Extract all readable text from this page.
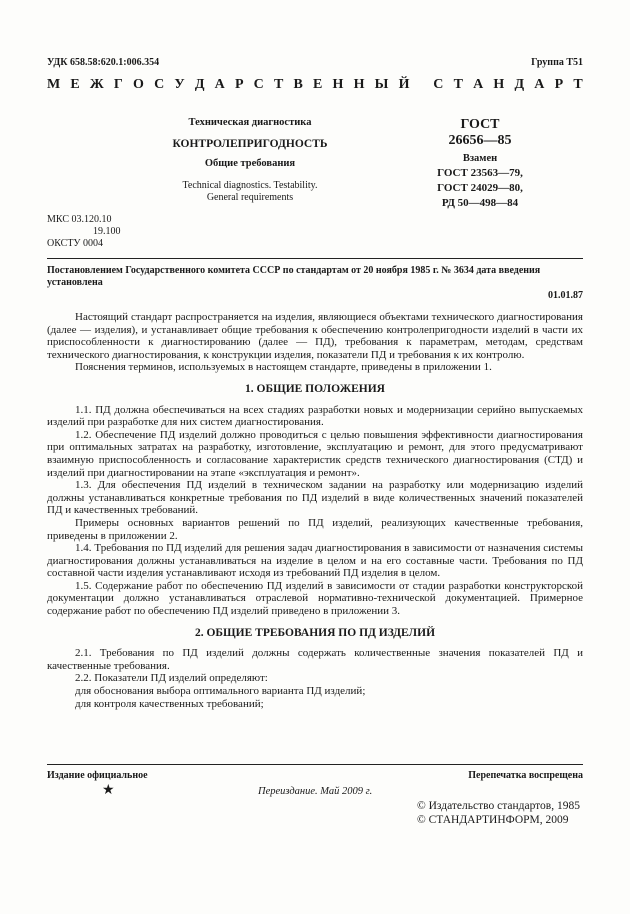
УДК 658.58:620.1:006.354	Группа Т51
М Е Ж Г О С У Д А Р С Т В Е Н Н Ы Й
С Т А Н Д А Р Т
Техническая диагностика
КОНТРОЛЕПРИГОДНОСТЬ
Общие требования
Technical diagnostics. Testability.
General requirements
ГОСТ
26656—85
Взамен
ГОСТ 23563—79,
ГОСТ 24029—80,
РД 50—498—84
МКС 03.120.10
19.100
ОКСТУ 0004
Постановлением Государственного комитета СССР по стандартам от 20 ноября 1985 г. № 3634 дата введения установлена
01.01.87

Настоящий стандарт распространяется на изделия, являющиеся объектами технического диагностирования (далее — изделия), и устанавливает общие требования к обеспечению контролепригодности изделий в части их приспособленности к диагностированию (далее — ПД), требования к параметрам, методам, средствам технического диагностирования, к конструкции изделия, показатели ПД и требования к их контролю.

Пояснения терминов, используемых в настоящем стандарте, приведены в приложении 1.

1. ОБЩИЕ ПОЛОЖЕНИЯ

1.1. ПД должна обеспечиваться на всех стадиях разработки новых и модернизации серийно выпускаемых изделий при разработке для них систем диагностирования.

1.2. Обеспечение ПД изделий должно проводиться с целью повышения эффективности диагностирования при оптимальных затратах на разработку, изготовление, эксплуатацию и ремонт, для этого предусматривают взаимную приспособленность и согласование характеристик средств технического диагностирования (СТД) и изделий при диагностировании на этапе «эксплуатация и ремонт».

1.3. Для обеспечения ПД изделий в техническом задании на разработку или модернизацию изделий должны устанавливаться конкретные требования по ПД изделий в виде количественных значений показателей ПД и качественных требований.

Примеры основных вариантов решений по ПД изделий, реализующих качественные требования, приведены в приложении 2.

1.4. Требования по ПД изделий для решения задач диагностирования в зависимости от назначения системы диагностирования должны устанавливаться на изделие в целом и на его составные части. Требования по ПД составной части изделия устанавливают исходя из требований ПД изделия в целом.

1.5. Содержание работ по обеспечению ПД изделий в зависимости от стадии разработки конструкторской документации должно устанавливаться отраслевой нормативно-технической документацией. Примерное содержание работ по обеспечению ПД изделий приведено в приложении 3.

2. ОБЩИЕ ТРЕБОВАНИЯ ПО ПД ИЗДЕЛИЙ

2.1. Требования по ПД изделий должны содержать количественные значения показателей ПД и качественные требования.

2.2. Показатели ПД изделий определяют:

для обоснования выбора оптимального варианта ПД изделий;

для контроля качественных требований;

Издание официальное	Перепечатка воспрещена
★	Переиздание. Май 2009 г.
© Издательство стандартов, 1985
© СТАНДАРТИНФОРМ, 2009
